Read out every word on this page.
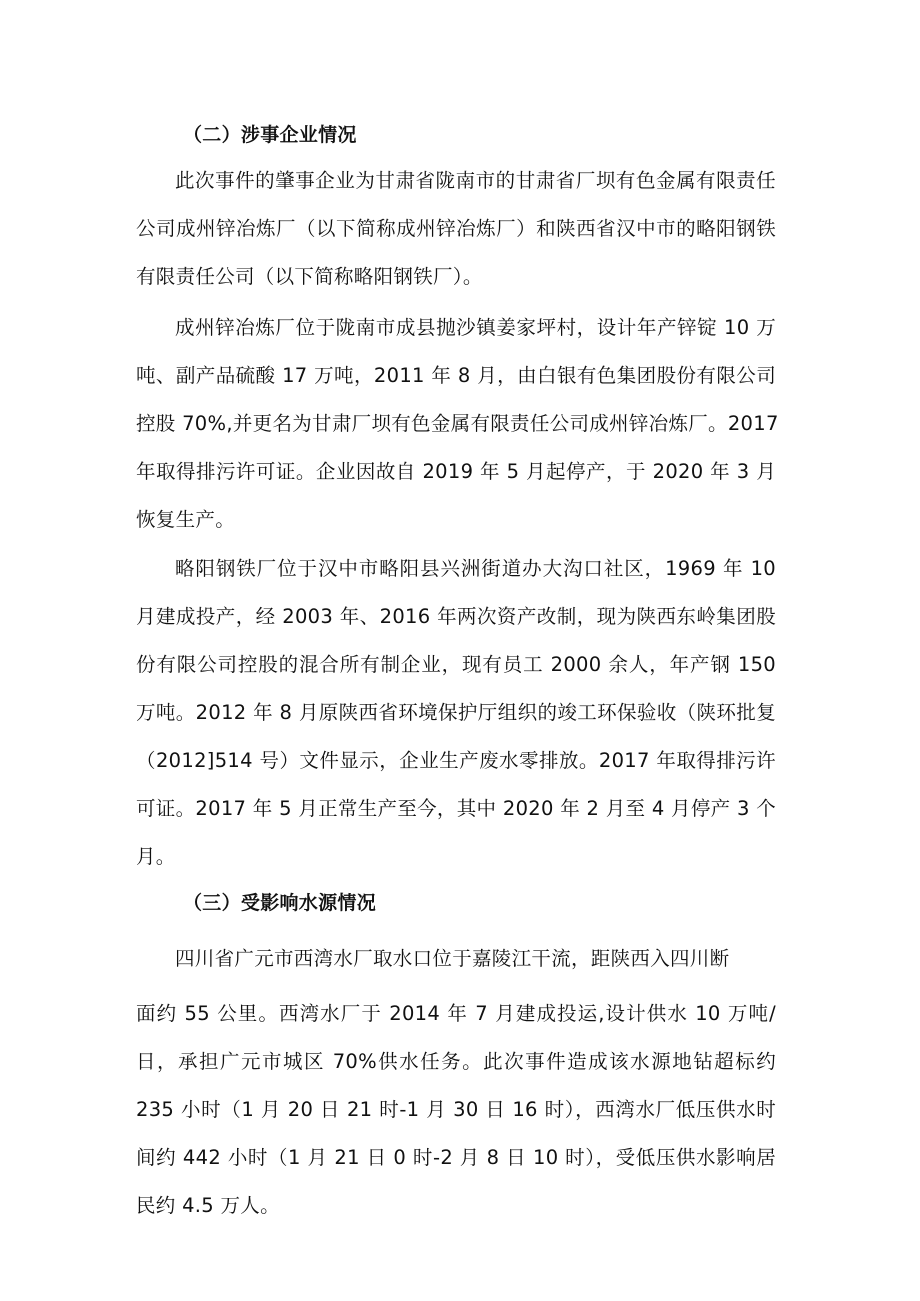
（二）涉事企业情况
此次事件的肇事企业为甘肃省陇南市的甘肃省厂坝有色金属有限责任
公司成州锌冶炼厂（以下简称成州锌冶炼厂）和陕西省汉中市的略阳钢铁
有限责任公司（以下简称略阳钢铁厂）。
成州锌冶炼厂位于陇南市成县抛沙镇姜家坪村，设计年产锌锭 10 万
吨、副产品硫酸 17 万吨，2011 年 8 月，由白银有色集团股份有限公司
控股 70%,并更名为甘肃厂坝有色金属有限责任公司成州锌冶炼厂。2017
年取得排污许可证。企业因故自 2019 年 5 月起停产，于 2020 年 3 月
恢复生产。
略阳钢铁厂位于汉中市略阳县兴洲街道办大沟口社区，1969 年 10
月建成投产，经 2003 年、2016 年两次资产改制，现为陕西东岭集团股
份有限公司控股的混合所有制企业，现有员工 2000 余人，年产钢 150
万吨。2012 年 8 月原陕西省环境保护厅组织的竣工环保验收（陕环批复
（2012]514 号）文件显示，企业生产废水零排放。2017 年取得排污许
可证。2017 年 5 月正常生产至今，其中 2020 年 2 月至 4 月停产 3 个
月。
（三）受影响水源情况
四川省广元市西湾水厂取水口位于嘉陵江干流，距陕西入四川断
面约 55 公里。西湾水厂于 2014 年 7 月建成投运,设计供水 10 万吨/
日，承担广元市城区 70%供水任务。此次事件造成该水源地钻超标约
235 小时（1 月 20 日 21 时-1 月 30 日 16 时），西湾水厂低压供水时
间约 442 小时（1 月 21 日 0 时-2 月 8 日 10 时），受低压供水影响居
民约 4.5 万人。
